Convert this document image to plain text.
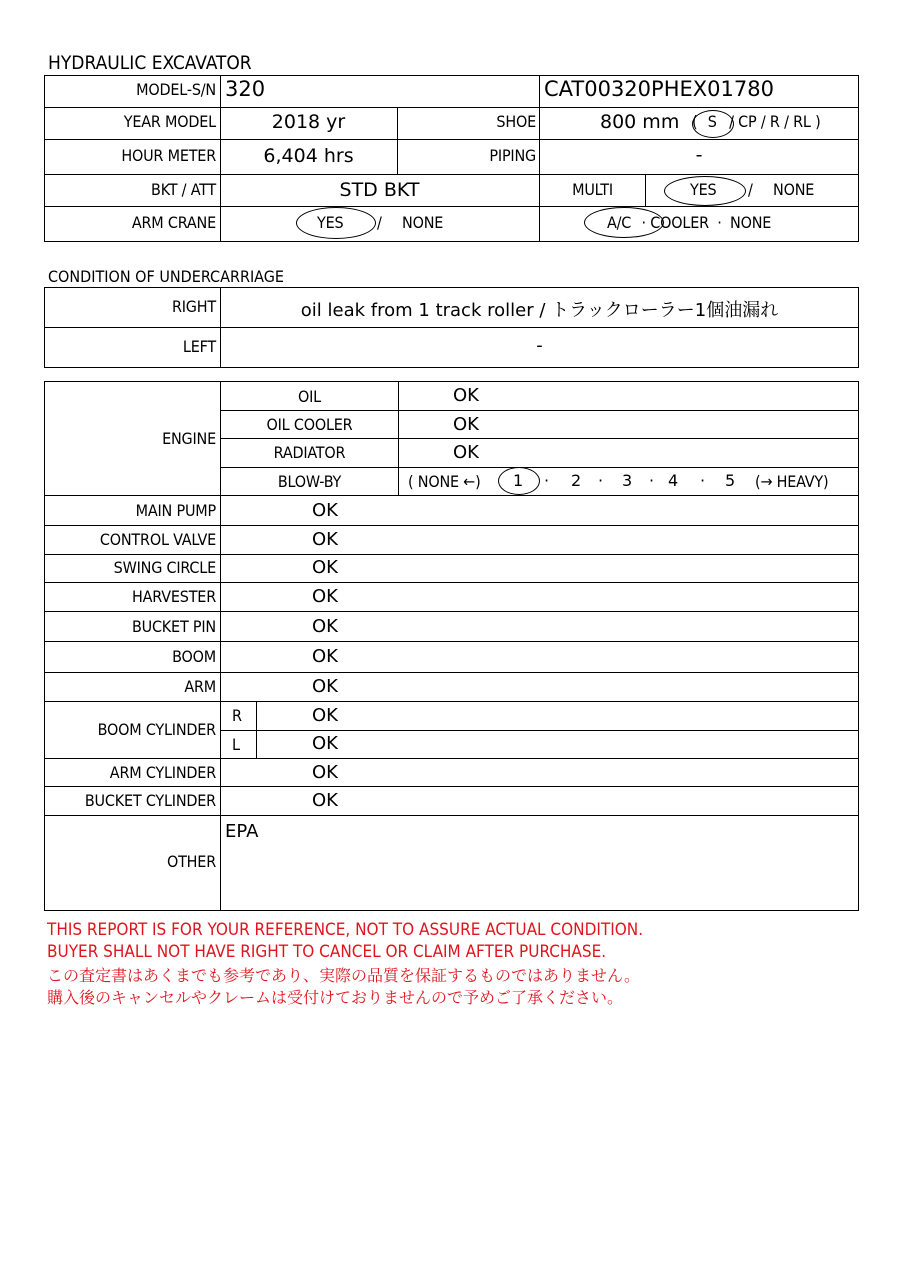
HYDRAULIC EXCAVATOR
MODEL-S/N 320	CAT00320PHEX01780
YEAR MODEL	2018 yr	SHOE	800 mm ( S / CP / R / RL )
HOUR METER	6,404 hrs	PIPING	-
BKT / ATT	STD BKT	MULTI	YES / NONE
ARM CRANE	YES / NONE	A/C · COOLER · NONE
CONDITION OF UNDERCARRIAGE
RIGHT	oil leak from 1 track roller / トラックローラー1個油漏れ
LEFT	-
ENGINE
OIL	OK
OIL COOLER	OK
RADIATOR	OK
BLOW-BY	( NONE ←) 1 · 2 · 3 · 4 · 5 (→ HEAVY)
MAIN PUMP	OK
CONTROL VALVE	OK
SWING CIRCLE	OK
HARVESTER	OK
BUCKET PIN	OK
BOOM	OK
ARM	OK
BOOM CYLINDER
R	OK
L	OK
ARM CYLINDER	OK
BUCKET CYLINDER	OK
OTHER
EPA
THIS REPORT IS FOR YOUR REFERENCE, NOT TO ASSURE ACTUAL CONDITION.
BUYER SHALL NOT HAVE RIGHT TO CANCEL OR CLAIM AFTER PURCHASE.
この査定書はあくまでも参考であり、実際の品質を保証するものではありません。
購入後のキャンセルやクレームは受付けておりませんので予めご了承ください。
